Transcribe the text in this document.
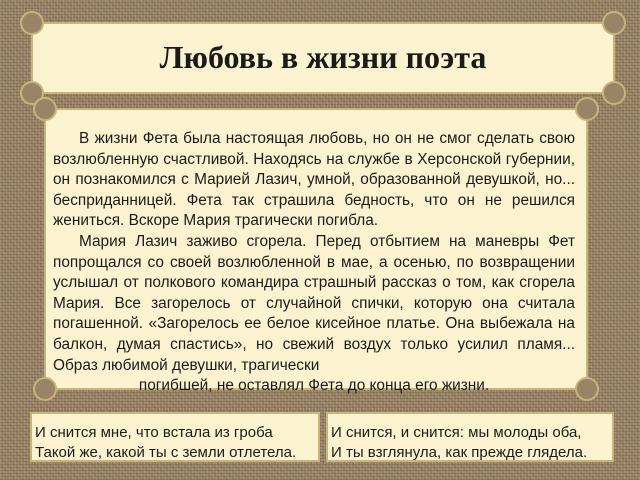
Любовь в жизни поэта
В жизни Фета была настоящая любовь, но он не смог сделать свою возлюбленную счастливой. Находясь на службе в Херсонской губернии, он познакомился с Марией Лазич, умной, образованной девушкой, но... бесприданницей. Фета так страшила бедность, что он не решился жениться. Вскоре Мария трагически погибла.
Мария Лазич заживо сгорела. Перед отбытием на маневры Фет попрощался со своей возлюбленной в мае, а осенью, по возвращении услышал от полкового командира страшный рассказ о том, как сгорела Мария. Все загорелось от случайной спички, которую она считала погашенной. «Загорелось ее белое кисейное платье. Она выбежала на балкон, думая спастись», но свежий воздух только усилил пламя... Образ любимой девушки, трагически
погибшей, не оставлял Фета до конца его жизни.
И снится мне, что встала из гроба
Такой же, какой ты с земли отлетела.
И снится, и снится: мы молоды оба,
И ты взглянула, как прежде глядела.
